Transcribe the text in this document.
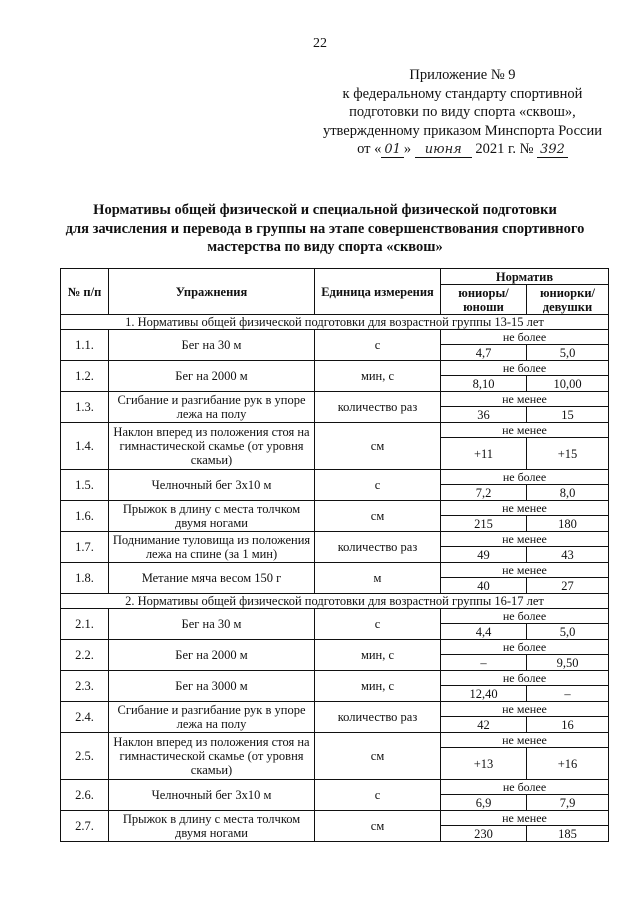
22
Приложение № 9
к федеральному стандарту спортивной
подготовки по виду спорта «сквош»,
утвержденному приказом Минспорта России
от « 01 » июня 2021 г. № 392
Нормативы общей физической и специальной физической подготовки
для зачисления и перевода в группы на этапе совершенствования спортивного
мастерства по виду спорта «сквош»
№ п/п	Упражнения	Единица измерения	Норматив	
			юниоры/ юноши	юниорки/ девушки
1. Нормативы общей физической подготовки для возрастной группы 13-15 лет				
1.1.	Бег на 30 м	с	не более	
			4,7	5,0
1.2.	Бег на 2000 м	мин, с	не более	
			8,10	10,00
1.3.	Сгибание и разгибание рук в упоре лежа на полу	количество раз	не менее	
			36	15
1.4.	Наклон вперед из положения стоя на гимнастической скамье (от уровня скамьи)	см	не менее	
			+11	+15
1.5.	Челночный бег 3х10 м	с	не более	
			7,2	8,0
1.6.	Прыжок в длину с места толчком двумя ногами	см	не менее	
			215	180
1.7.	Поднимание туловища из положения лежа на спине (за 1 мин)	количество раз	не менее	
			49	43
1.8.	Метание мяча весом 150 г	м	не менее	
			40	27
2. Нормативы общей физической подготовки для возрастной группы 16-17 лет				
2.1.	Бег на 30 м	с	не более	
			4,4	5,0
2.2.	Бег на 2000 м	мин, с	не более	
			–	9,50
2.3.	Бег на 3000 м	мин, с	не более	
			12,40	–
2.4.	Сгибание и разгибание рук в упоре лежа на полу	количество раз	не менее	
			42	16
2.5.	Наклон вперед из положения стоя на гимнастической скамье (от уровня скамьи)	см	не менее	
			+13	+16
2.6.	Челночный бег 3х10 м	с	не более	
			6,9	7,9
2.7.	Прыжок в длину с места толчком двумя ногами	см	не менее	
			230	185
